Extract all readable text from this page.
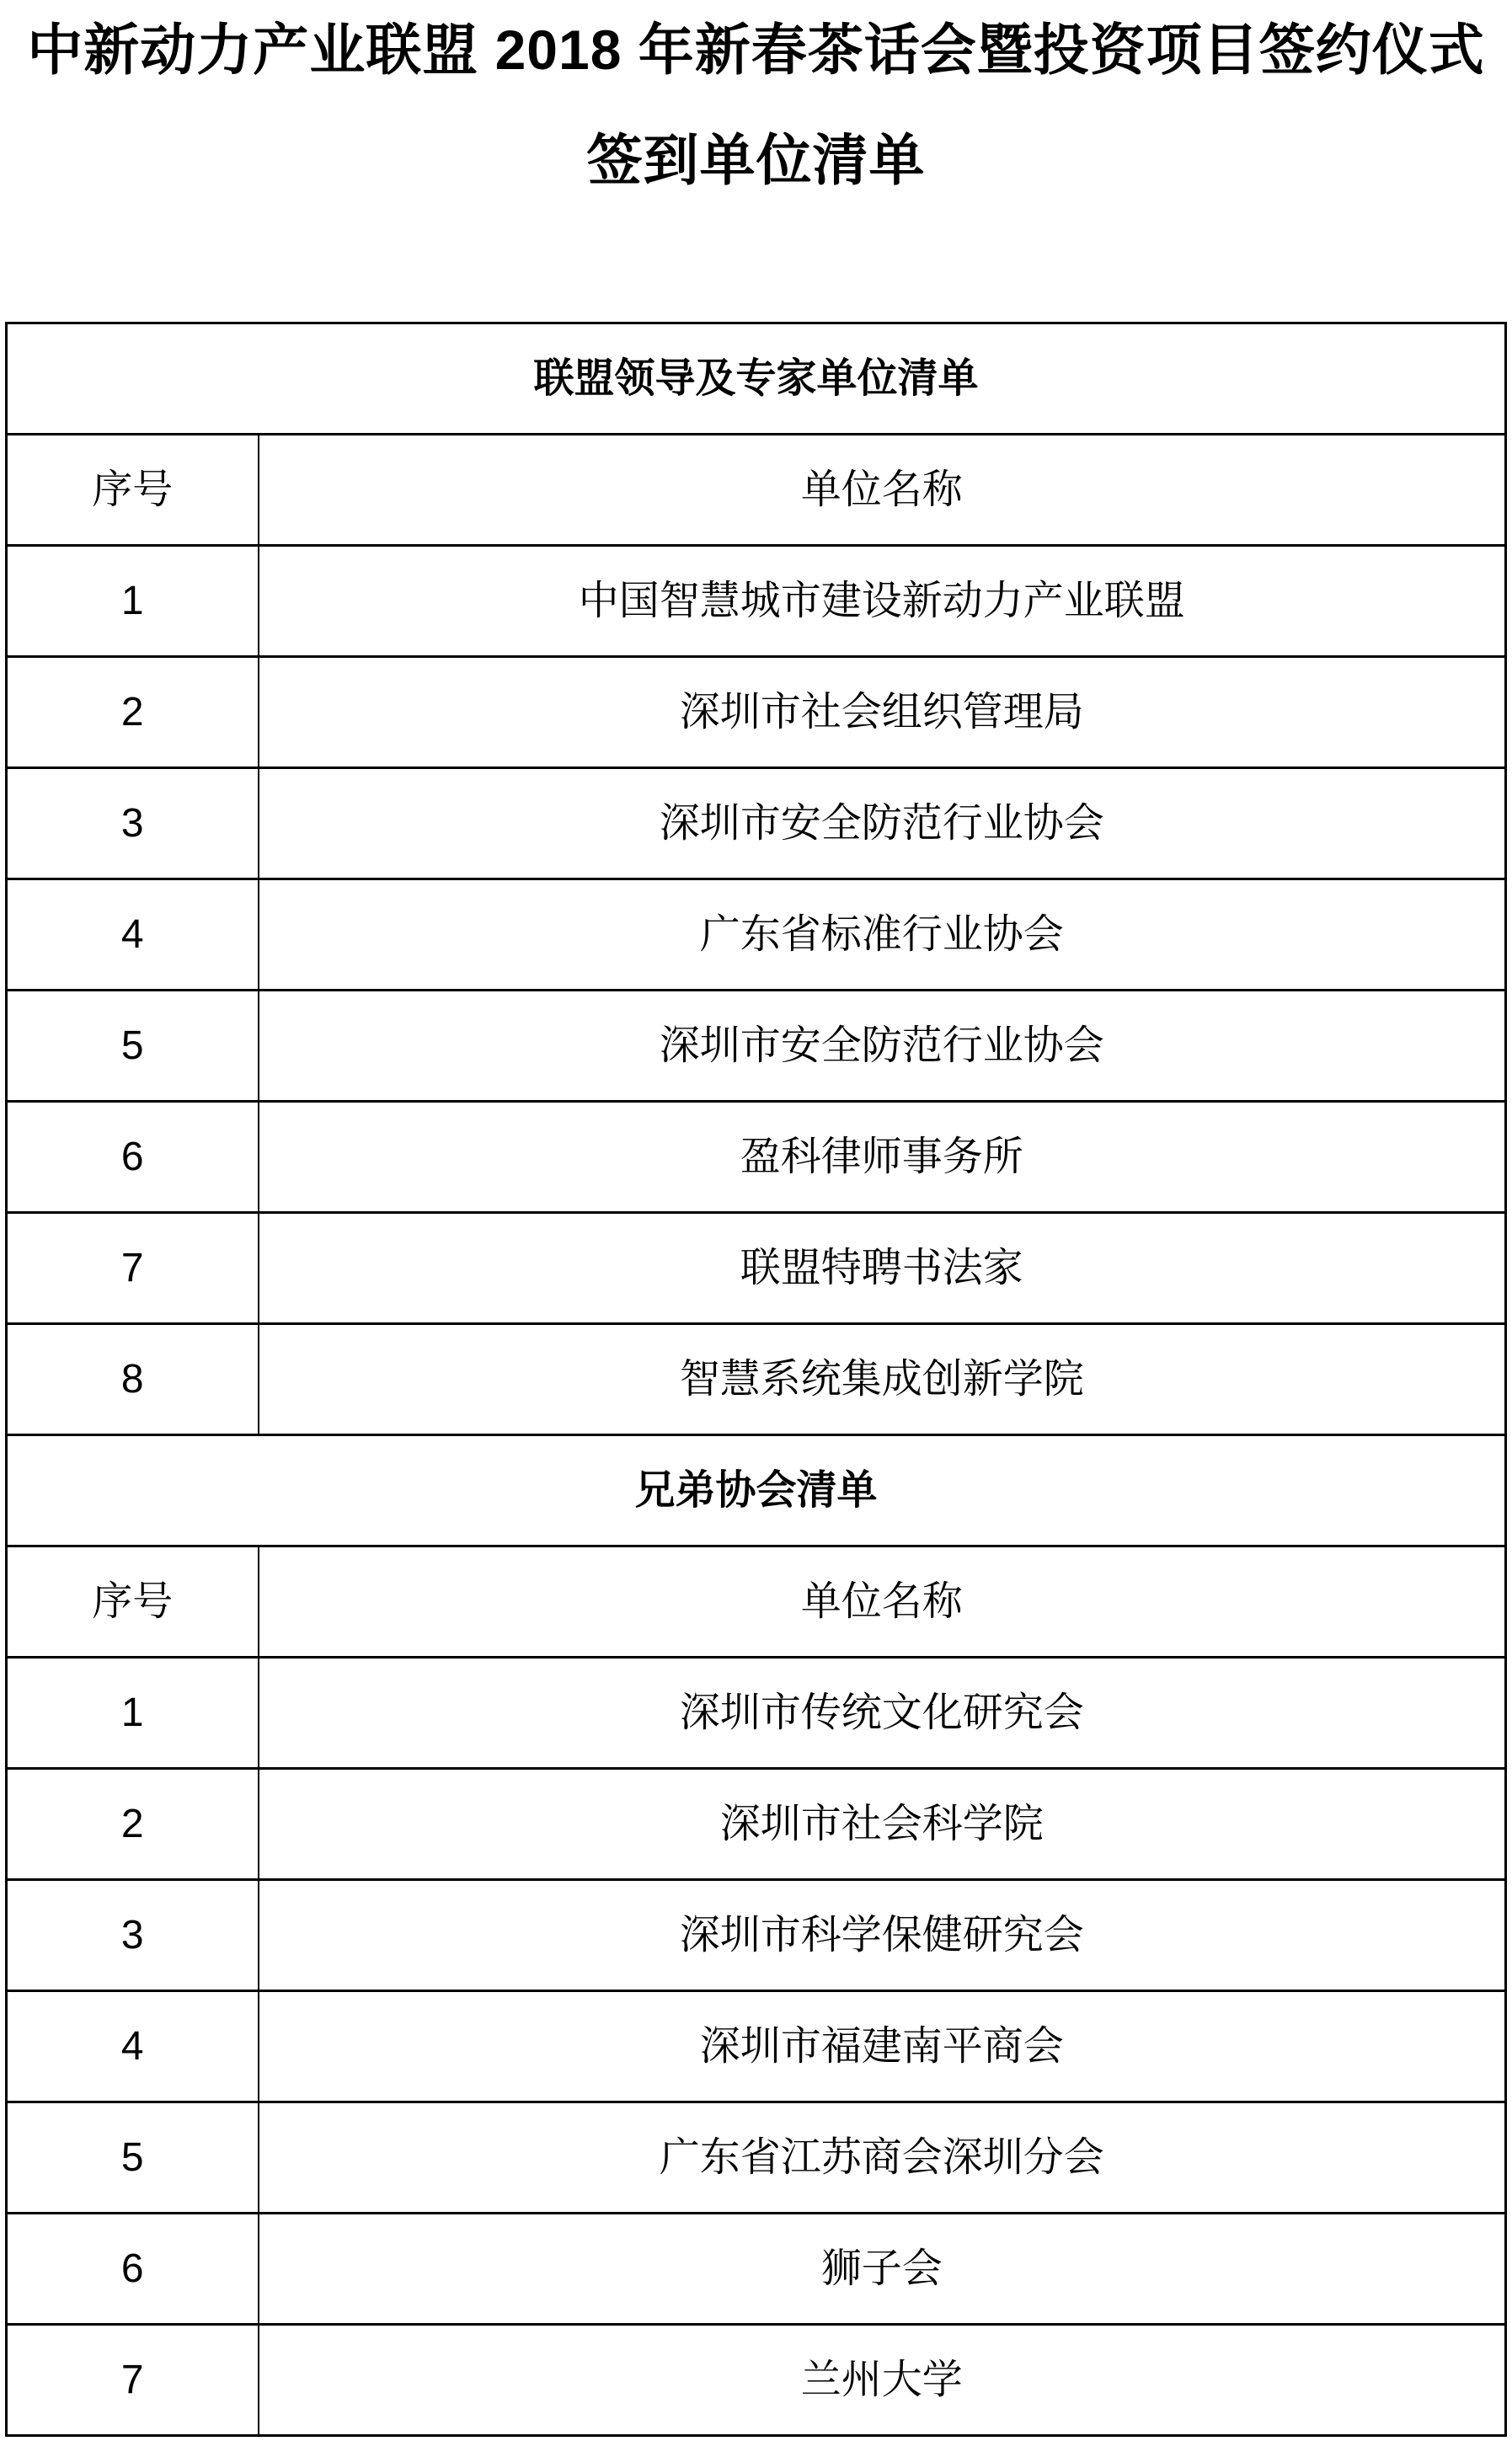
中新动力产业联盟 2018 年新春茶话会暨投资项目签约仪式
签到单位清单
联盟领导及专家单位清单	
序号	单位名称
1	中国智慧城市建设新动力产业联盟
2	深圳市社会组织管理局
3	深圳市安全防范行业协会
4	广东省标准行业协会
5	深圳市安全防范行业协会
6	盈科律师事务所
7	联盟特聘书法家
8	智慧系统集成创新学院
兄弟协会清单	
序号	单位名称
1	深圳市传统文化研究会
2	深圳市社会科学院
3	深圳市科学保健研究会
4	深圳市福建南平商会
5	广东省江苏商会深圳分会
6	狮子会
7	兰州大学
